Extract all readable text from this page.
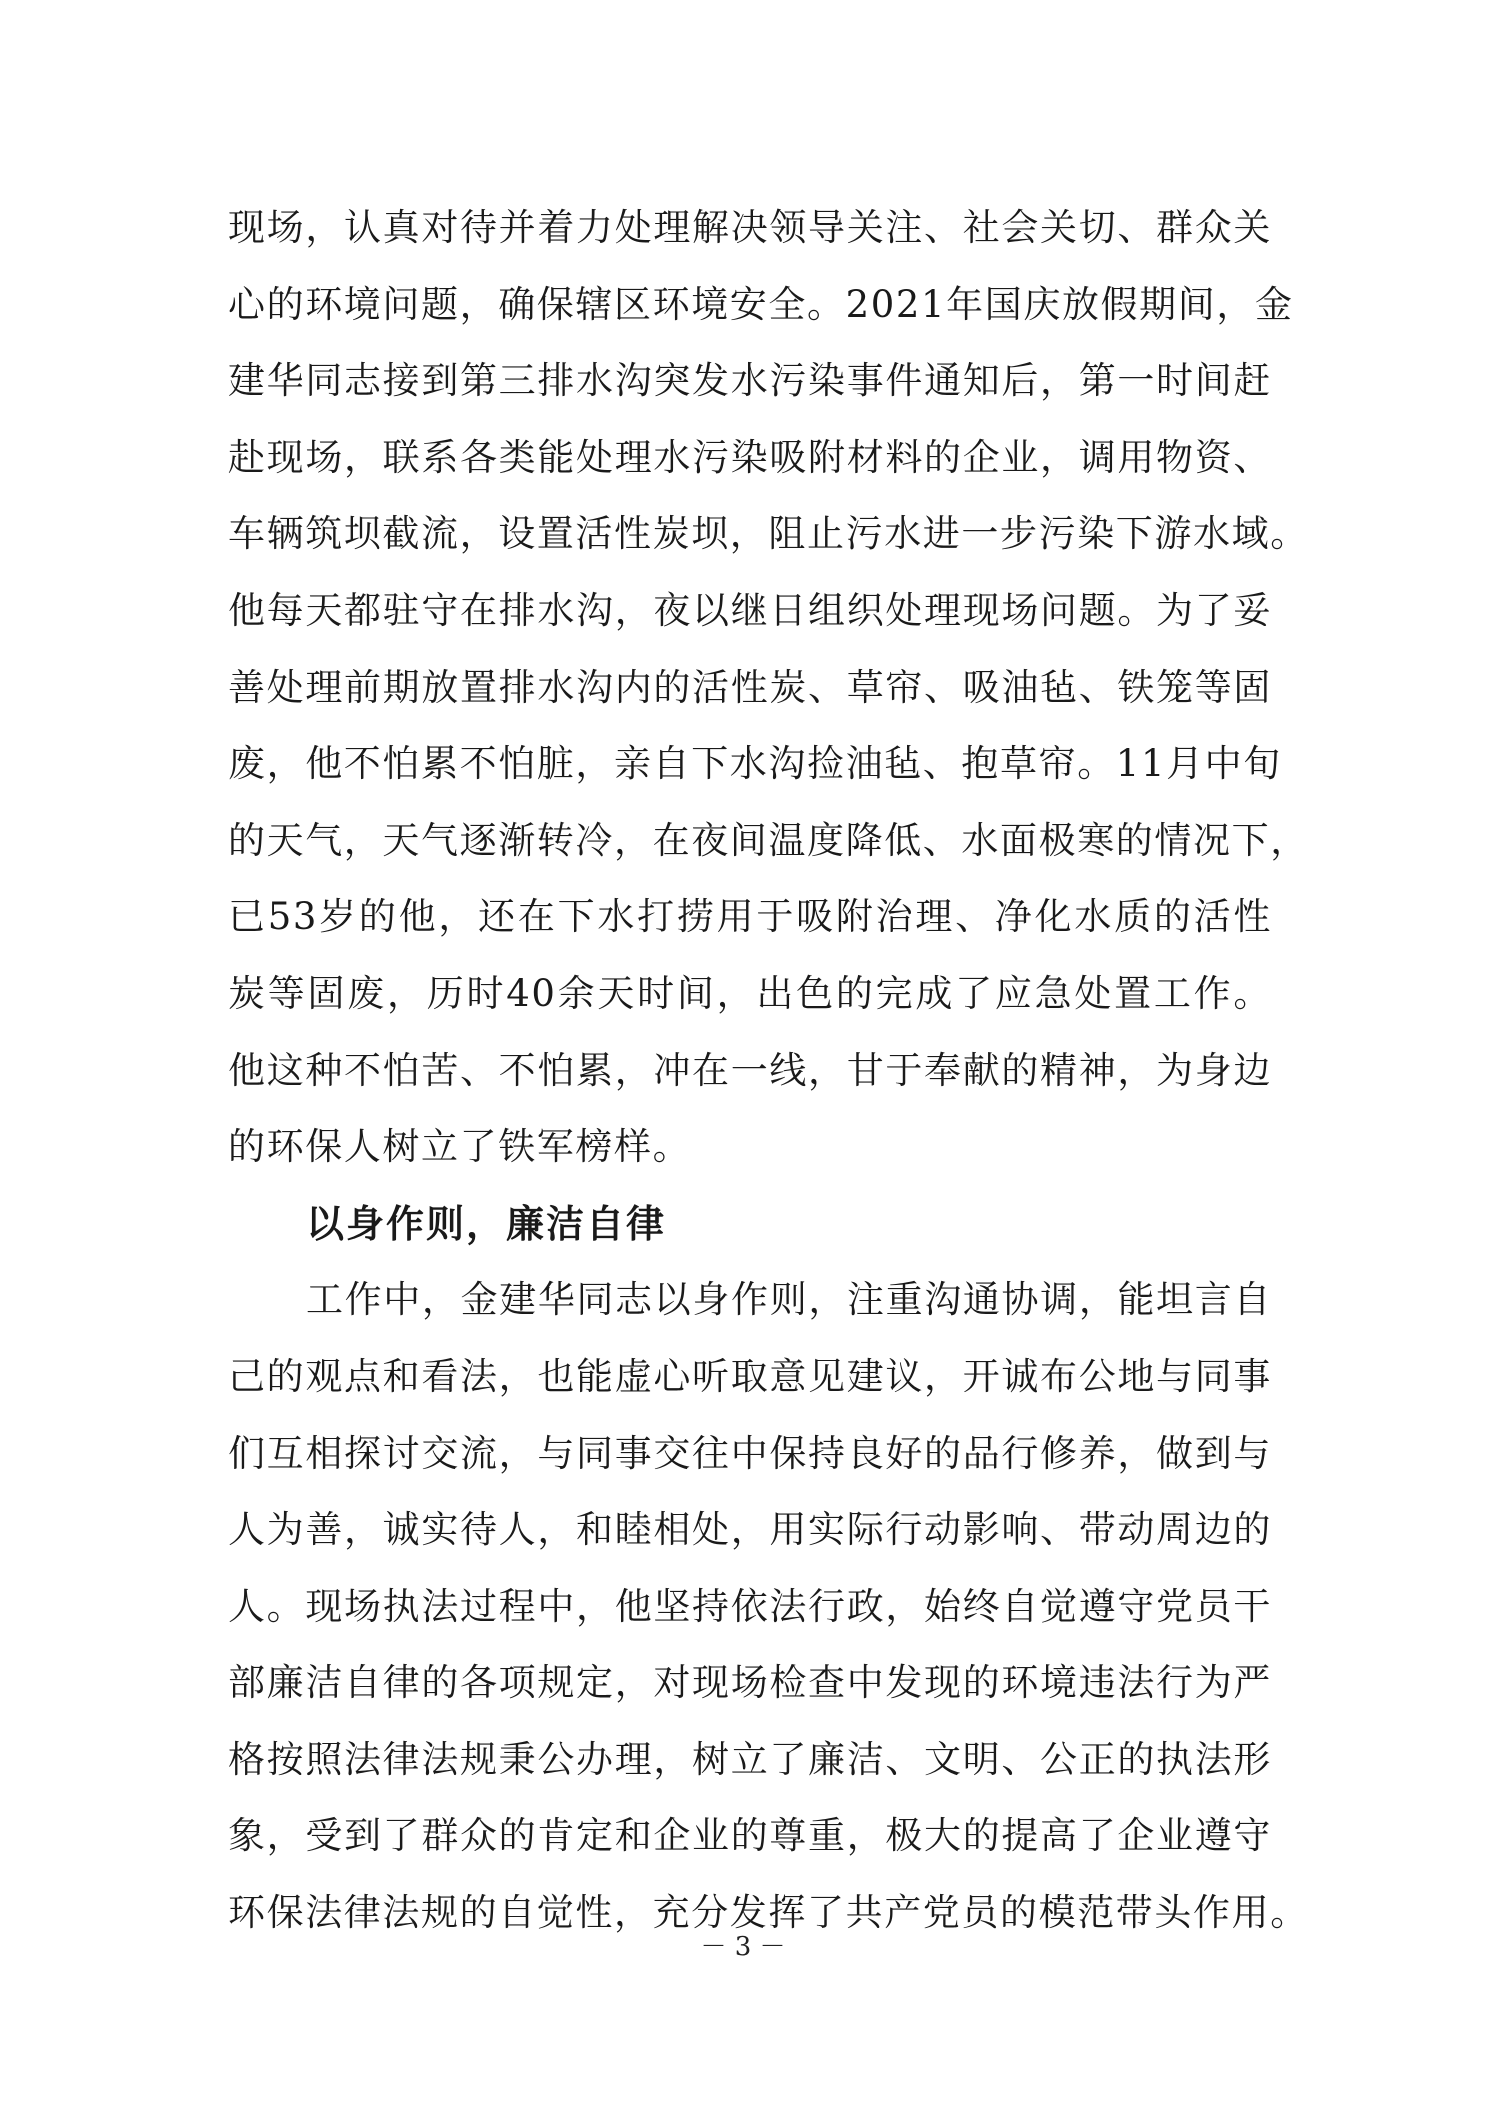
现场，认真对待并着力处理解决领导关注、社会关切、群众关
心的环境问题，确保辖区环境安全。2021年国庆放假期间，金
建华同志接到第三排水沟突发水污染事件通知后，第一时间赶
赴现场，联系各类能处理水污染吸附材料的企业，调用物资、
车辆筑坝截流，设置活性炭坝，阻止污水进一步污染下游水域。
他每天都驻守在排水沟，夜以继日组织处理现场问题。为了妥
善处理前期放置排水沟内的活性炭、草帘、吸油毡、铁笼等固
废，他不怕累不怕脏，亲自下水沟捡油毡、抱草帘。11月中旬
的天气，天气逐渐转冷，在夜间温度降低、水面极寒的情况下，
已53岁的他，还在下水打捞用于吸附治理、净化水质的活性
炭等固废，历时40余天时间，出色的完成了应急处置工作。
他这种不怕苦、不怕累，冲在一线，甘于奉献的精神，为身边
的环保人树立了铁军榜样。
以身作则，廉洁自律
工作中，金建华同志以身作则，注重沟通协调，能坦言自
己的观点和看法，也能虚心听取意见建议，开诚布公地与同事
们互相探讨交流，与同事交往中保持良好的品行修养，做到与
人为善，诚实待人，和睦相处，用实际行动影响、带动周边的
人。现场执法过程中，他坚持依法行政，始终自觉遵守党员干
部廉洁自律的各项规定，对现场检查中发现的环境违法行为严
格按照法律法规秉公办理，树立了廉洁、文明、公正的执法形
象，受到了群众的肯定和企业的尊重，极大的提高了企业遵守
环保法律法规的自觉性，充分发挥了共产党员的模范带头作用。
－ 3 －
